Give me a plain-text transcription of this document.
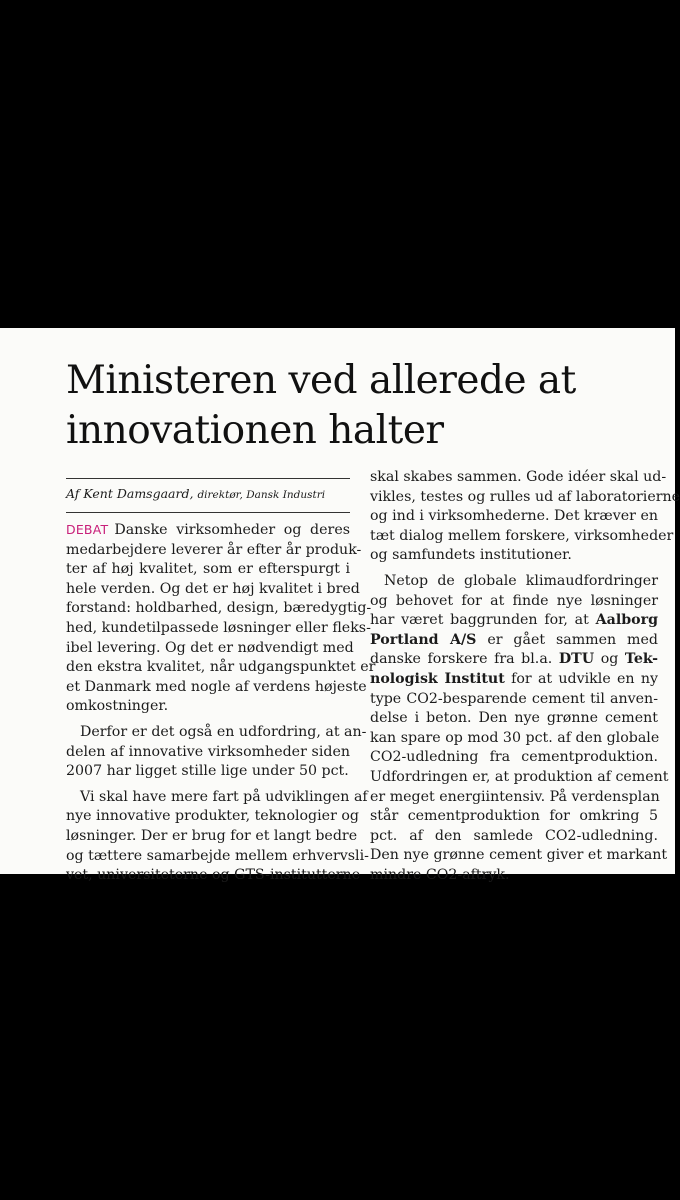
Ministeren ved allerede at
innovationen halter
Af Kent Damsgaard, direktør, Dansk Industri
DEBAT Danske virksomheder og deres
medarbejdere leverer år efter år produk-
ter af høj kvalitet, som er efterspurgt i
hele verden. Og det er høj kvalitet i bred
forstand: holdbarhed, design, bæredygtig-
hed, kundetilpassede løsninger eller fleks-
ibel levering. Og det er nødvendigt med
den ekstra kvalitet, når udgangspunktet er
et Danmark med nogle af verdens højeste
omkostninger.
Derfor er det også en udfordring, at an-
delen af innovative virksomheder siden
2007 har ligget stille lige under 50 pct.
Vi skal have mere fart på udviklingen af
nye innovative produkter, teknologier og
løsninger. Der er brug for et langt bedre
og tættere samarbejde mellem erhvervsli-
vet, universiteterne og GTS-institutterne
skal skabes sammen. Gode idéer skal ud-
vikles, testes og rulles ud af laboratorierne
og ind i virksomhederne. Det kræver en
tæt dialog mellem forskere, virksomheder
og samfundets institutioner.
Netop de globale klimaudfordringer
og behovet for at finde nye løsninger
har været baggrunden for, at Aalborg
Portland A/S er gået sammen med
danske forskere fra bl.a. DTU og Tek-
nologisk Institut for at udvikle en ny
type CO2-besparende cement til anven-
delse i beton. Den nye grønne cement
kan spare op mod 30 pct. af den globale
CO2-udledning fra cementproduktion.
Udfordringen er, at produktion af cement
er meget energiintensiv. På verdensplan
står cementproduktion for omkring 5
pct. af den samlede CO2-udledning.
Den nye grønne cement giver et markant
mindre CO2-aftryk.
